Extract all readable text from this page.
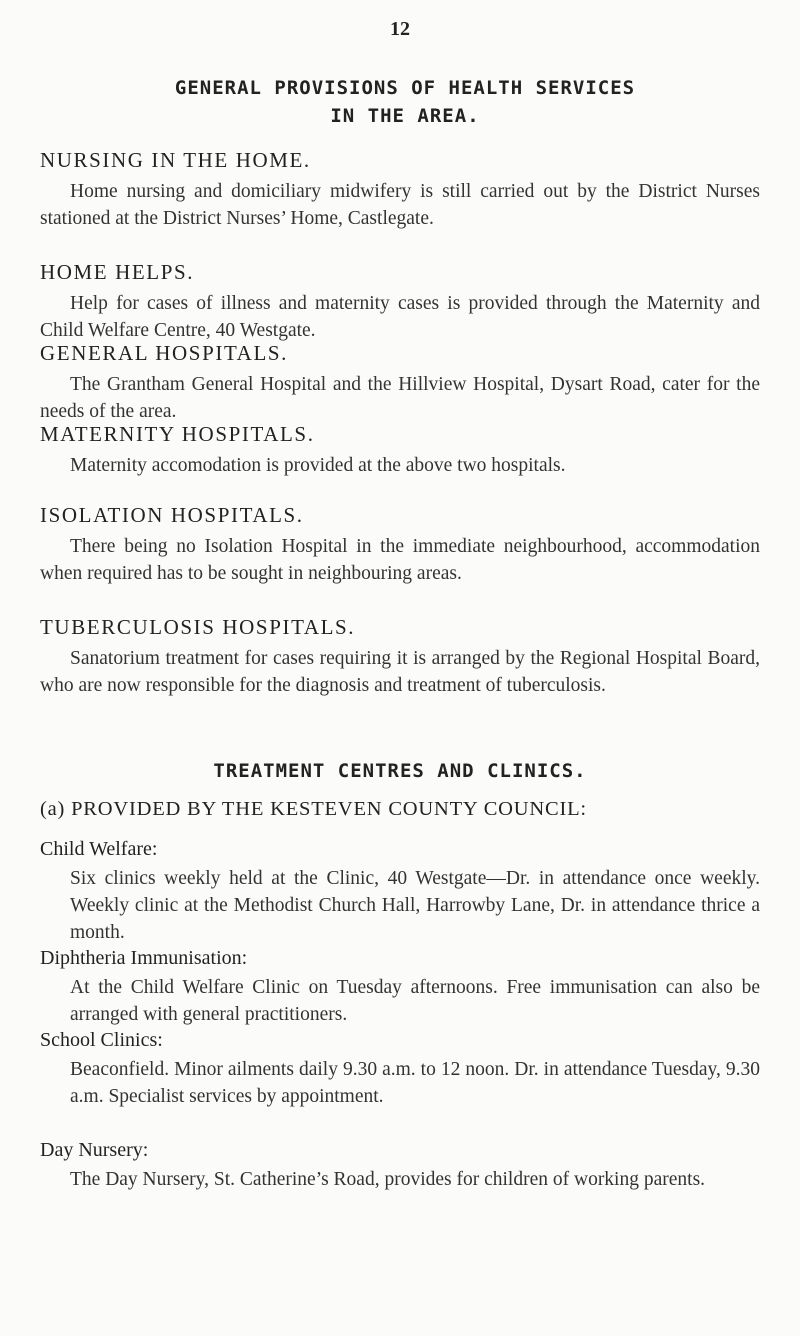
12
GENERAL PROVISIONS OF HEALTH SERVICES
IN THE AREA.
NURSING IN THE HOME.

Home nursing and domiciliary midwifery is still carried out by the District Nurses stationed at the District Nurses’ Home, Castlegate.

HOME HELPS.

Help for cases of illness and maternity cases is provided through the Maternity and Child Welfare Centre, 40 Westgate.

GENERAL HOSPITALS.

The Grantham General Hospital and the Hillview Hospital, Dysart Road, cater for the needs of the area.

MATERNITY HOSPITALS.

Maternity accomodation is provided at the above two hospitals.

ISOLATION HOSPITALS.

There being no Isolation Hospital in the immediate neighbourhood, accommodation when required has to be sought in neighbouring areas.

TUBERCULOSIS HOSPITALS.

Sanatorium treatment for cases requiring it is arranged by the Regional Hospital Board, who are now responsible for the diagnosis and treatment of tuberculosis.

TREATMENT CENTRES AND CLINICS.
(a) PROVIDED BY THE KESTEVEN COUNTY COUNCIL:
Child Welfare:

Six clinics weekly held at the Clinic, 40 Westgate—Dr. in attendance once weekly. Weekly clinic at the Methodist Church Hall, Harrowby Lane, Dr. in attendance thrice a month.

Diphtheria Immunisation:

At the Child Welfare Clinic on Tuesday afternoons. Free immunisation can also be arranged with general practitioners.

School Clinics:

Beaconfield. Minor ailments daily 9.30 a.m. to 12 noon. Dr. in attendance Tuesday, 9.30 a.m. Specialist services by appointment.

Day Nursery:

The Day Nursery, St. Catherine’s Road, provides for children of working parents.
